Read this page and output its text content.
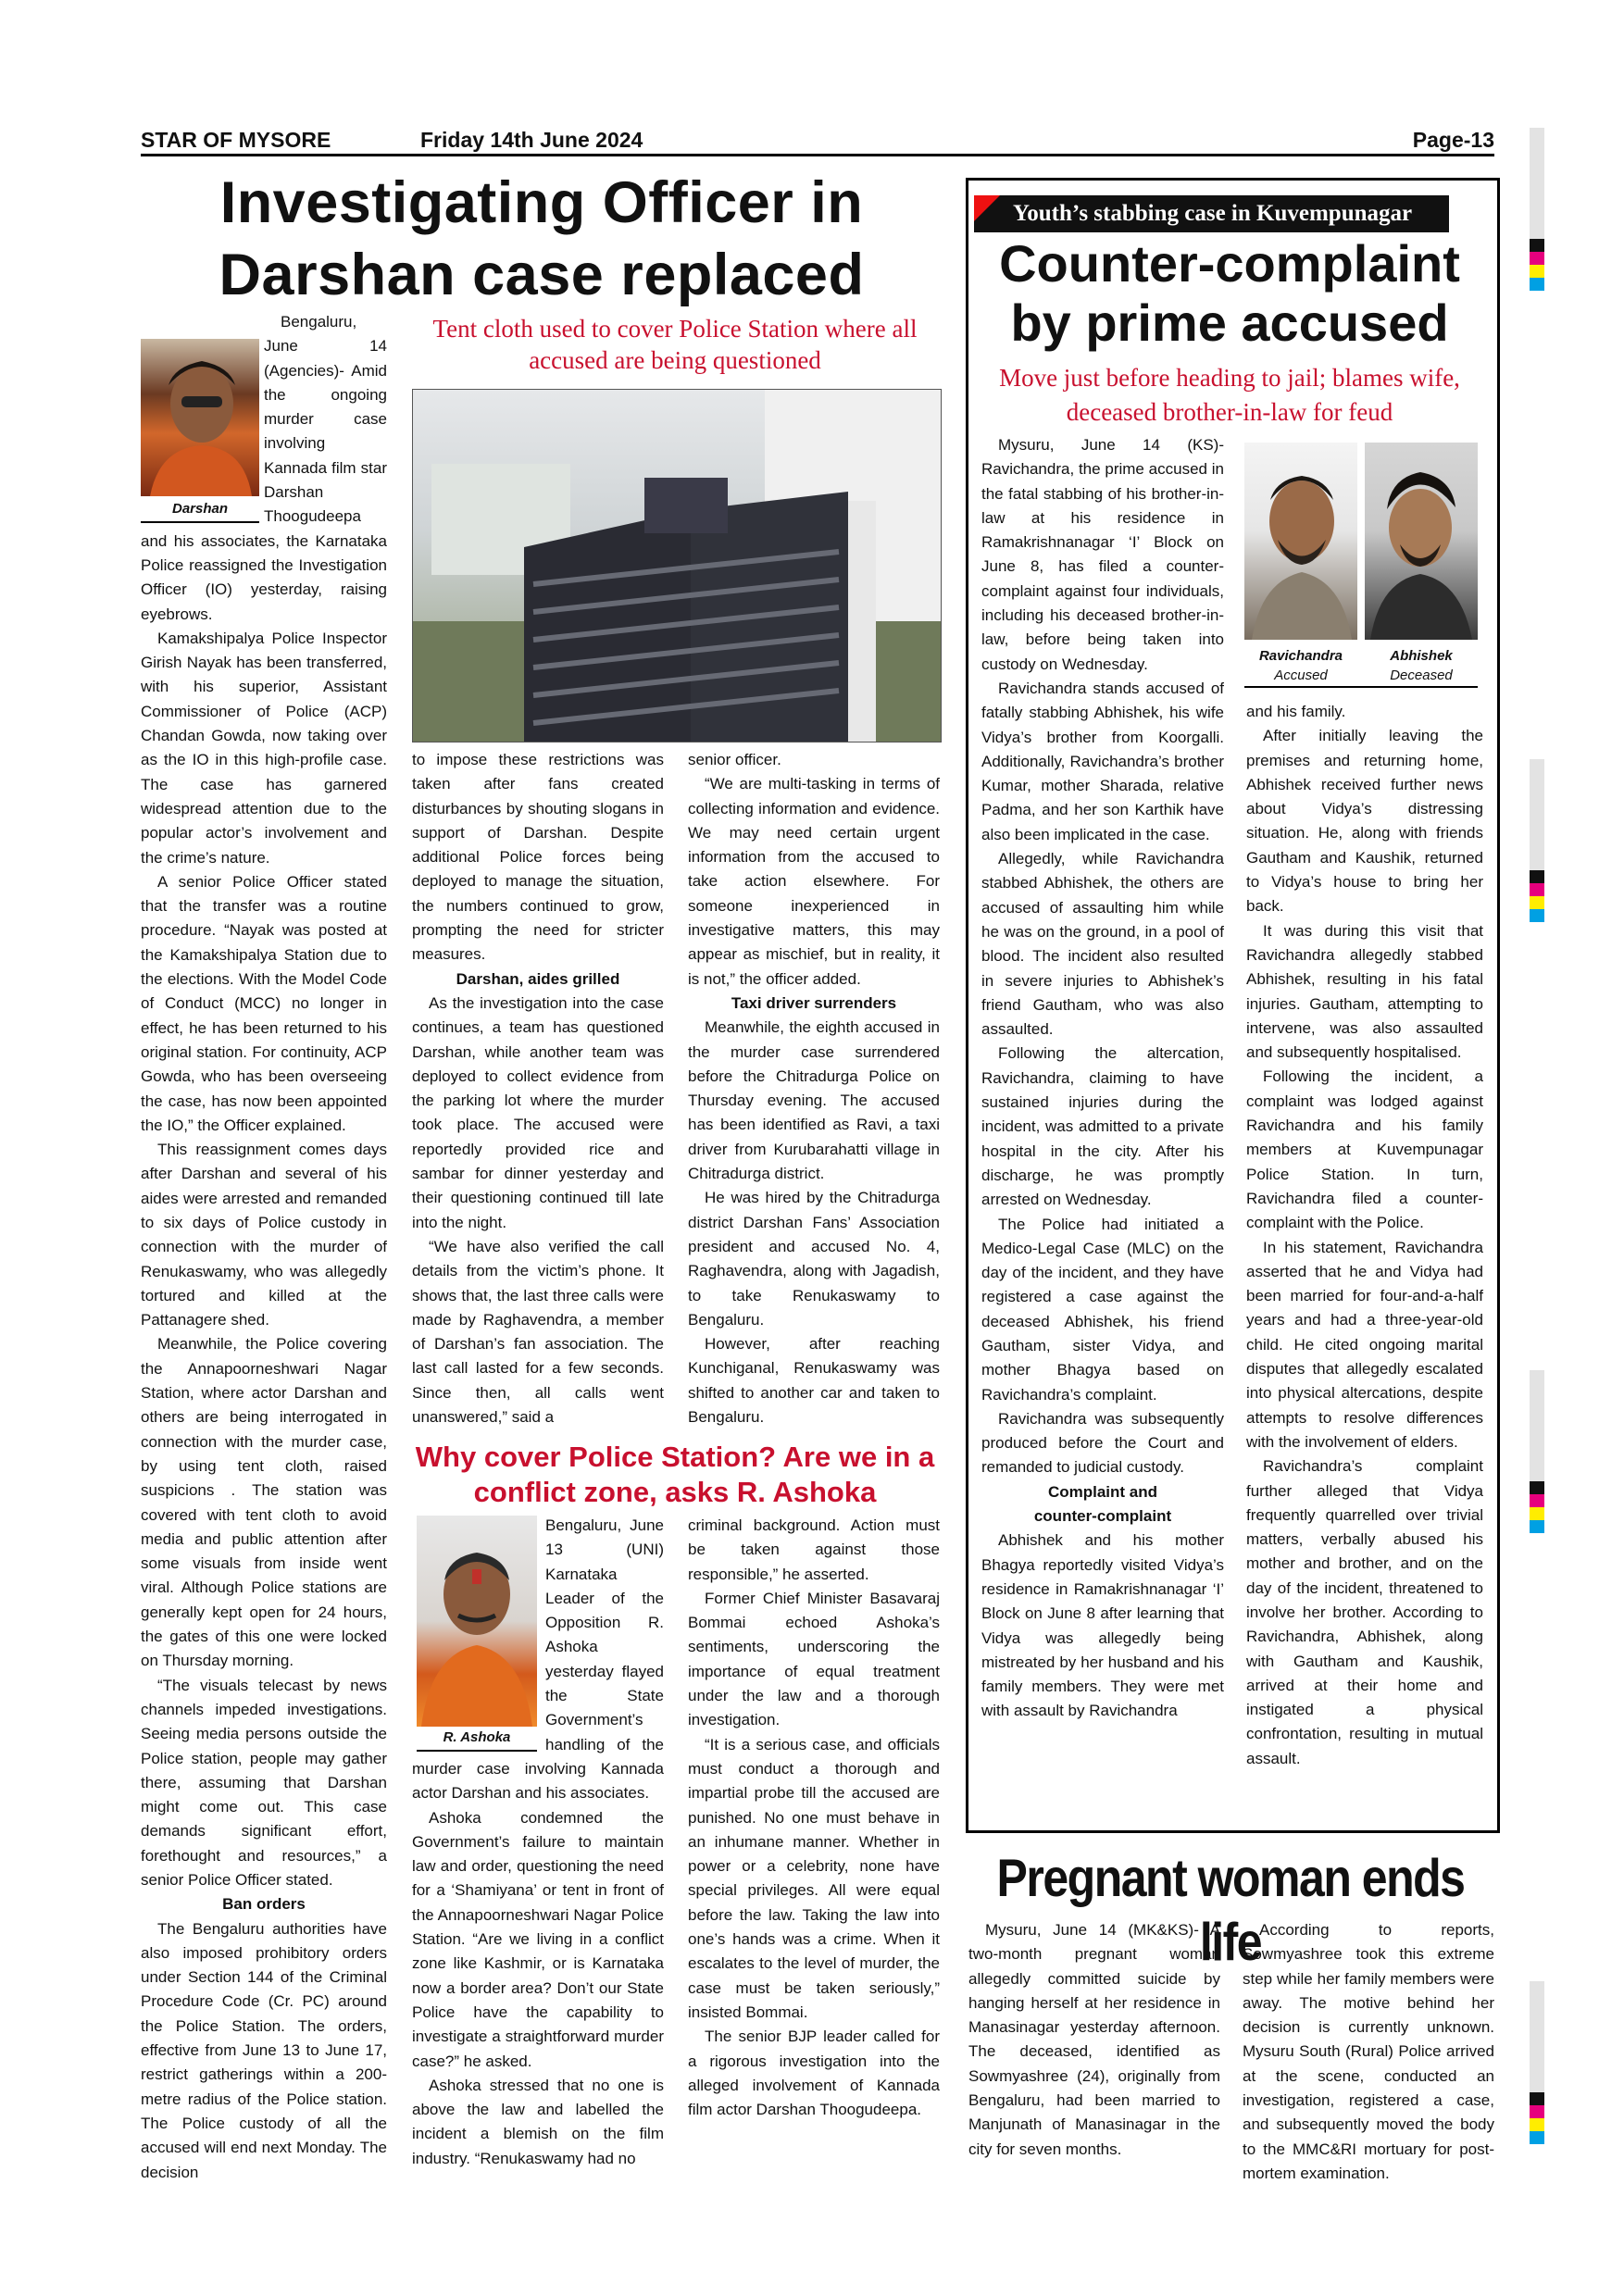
STAR OF MYSORE	Friday 14th June 2024	Page-13
Investigating Officer in
Darshan case replaced
Darshan

Bengaluru, June 14 (Agencies)- Amid the ongoing murder case involving Kannada film star Darshan Thoogudeepa and his associates, the Karnataka Police reassigned the Investigation Officer (IO) yesterday, raising eyebrows.

Kamakshipalya Police Inspector Girish Nayak has been transferred, with his superior, Assistant Commissioner of Police (ACP) Chandan Gowda, now taking over as the IO in this high-profile case. The case has garnered widespread attention due to the popular actor’s involvement and the crime’s nature.

A senior Police Officer stated that the transfer was a routine procedure. “Nayak was posted at the Kamakshipalya Station due to the elections. With the Model Code of Conduct (MCC) no longer in effect, he has been returned to his original station. For continuity, ACP Gowda, who has been overseeing the case, has now been appointed the IO,” the Officer explained.

This reassignment comes days after Darshan and several of his aides were arrested and remanded to six days of Police custody in connection with the murder of Renukaswamy, who was allegedly tortured and killed at the Pattanagere shed.

Meanwhile, the Police covering the Annapoorneshwari Nagar Station, where actor Darshan and others are being interrogated in connection with the murder case, by using tent cloth, raised suspicions . The station was covered with tent cloth to avoid media and public attention after some visuals from inside went viral. Although Police stations are generally kept open for 24 hours, the gates of this one were locked on Thursday morning.

“The visuals telecast by news channels impeded investigations. Seeing media persons outside the Police station, people may gather there, assuming that Darshan might come out. This case demands significant effort, forethought and resources,” a senior Police Officer stated.

Ban orders

The Bengaluru authorities have also imposed prohibitory orders under Section 144 of the Criminal Procedure Code (Cr. PC) around the Police Station. The orders, effective from June 13 to June 17, restrict gatherings within a 200-metre radius of the Police station. The Police custody of all the accused will end next Monday. The decision

Tent cloth used to cover Police Station where all accused are being questioned

to impose these restrictions was taken after fans created disturbances by shouting slogans in support of Darshan. Despite additional Police forces being deployed to manage the situation, the numbers continued to grow, prompting the need for stricter measures.

Darshan, aides grilled

As the investigation into the case continues, a team has questioned Darshan, while another team was deployed to collect evidence from the parking lot where the murder took place. The accused were reportedly provided rice and sambar for dinner yesterday and their questioning continued till late into the night.

“We have also verified the call details from the victim’s phone. It shows that, the last three calls were made by Raghavendra, a member of Darshan’s fan association. The last call lasted for a few seconds. Since then, all calls went unanswered,” said a

senior officer.

“We are multi-tasking in terms of collecting information and evidence. We may need certain urgent information from the accused to take action elsewhere. For someone inexperienced in investigative matters, this may appear as mischief, but in reality, it is not,” the officer added.

Taxi driver surrenders

Meanwhile, the eighth accused in the murder case surrendered before the Chitradurga Police on Thursday evening. The accused has been identified as Ravi, a taxi driver from Kurubarahatti village in Chitradurga district.

He was hired by the Chitradurga district Darshan Fans’ Association president and accused No. 4, Raghavendra, along with Jagadish, to take Renukaswamy to Bengaluru.

However, after reaching Kunchiganal, Renukaswamy was shifted to another car and taken to Bengaluru.

Why cover Police Station? Are we in a conflict zone, asks R. Ashoka
R. Ashoka

Bengaluru, June 13 (UNI) Karnataka Leader of the Opposition R. Ashoka yesterday flayed the State Government’s handling of the murder case involving Kannada actor Darshan and his associates.

Ashoka condemned the Government’s failure to maintain law and order, questioning the need for a ‘Shamiyana’ or tent in front of the Annapoorneshwari Nagar Police Station. “Are we living in a conflict zone like Kashmir, or is Karnataka now a border area? Don’t our State Police have the capability to investigate a straightforward murder case?” he asked.

Ashoka stressed that no one is above the law and labelled the incident a blemish on the film industry. “Renukaswamy had no

criminal background. Action must be taken against those responsible,” he asserted.

Former Chief Minister Basavaraj Bommai echoed Ashoka’s sentiments, underscoring the importance of equal treatment under the law and a thorough investigation.

“It is a serious case, and officials must conduct a thorough and impartial probe till the accused are punished. No one must behave in an inhumane manner. Whether in power or a celebrity, none have special privileges. All were equal before the law. Taking the law into one’s hands was a crime. When it escalates to the level of murder, the case must be taken seriously,” insisted Bommai.

The senior BJP leader called for a rigorous investigation into the alleged involvement of Kannada film actor Darshan Thoogudeepa.

Youth’s stabbing case in Kuvempunagar
Counter-complaint
by prime accused
Move just before heading to jail; blames wife, deceased brother-in-law for feud
Ravichandra
Accused
Abhishek
Deceased

Mysuru, June 14 (KS)- Ravichandra, the prime accused in the fatal stabbing of his brother-in-law at his residence in Ramakrishnanagar ‘I’ Block on June 8, has filed a counter-complaint against four individuals, including his deceased brother-in-law, before being taken into custody on Wednesday.

Ravichandra stands accused of fatally stabbing Abhishek, his wife Vidya’s brother from Koorgalli. Additionally, Ravichandra’s brother Kumar, mother Sharada, relative Padma, and her son Karthik have also been implicated in the case.

Allegedly, while Ravichandra stabbed Abhishek, the others are accused of assaulting him while he was on the ground, in a pool of blood. The incident also resulted in severe injuries to Abhishek’s friend Gautham, who was also assaulted.

Following the altercation, Ravichandra, claiming to have sustained injuries during the incident, was admitted to a private hospital in the city. After his discharge, he was promptly arrested on Wednesday.

The Police had initiated a Medico-Legal Case (MLC) on the day of the incident, and they have registered a case against the deceased Abhishek, his friend Gautham, sister Vidya, and mother Bhagya based on Ravichandra’s complaint.

Ravichandra was subsequently produced before the Court and remanded to judicial custody.

Complaint and counter-complaint

Abhishek and his mother Bhagya reportedly visited Vidya’s residence in Ramakrishnanagar ‘I’ Block on June 8 after learning that Vidya was allegedly being mistreated by her husband and his family members. They were met with assault by Ravichandra

and his family.

After initially leaving the premises and returning home, Abhishek received further news about Vidya’s distressing situation. He, along with friends Gautham and Kaushik, returned to Vidya’s house to bring her back.

It was during this visit that Ravichandra allegedly stabbed Abhishek, resulting in his fatal injuries. Gautham, attempting to intervene, was also assaulted and subsequently hospitalised.

Following the incident, a complaint was lodged against Ravichandra and his family members at Kuvempunagar Police Station. In turn, Ravichandra filed a counter-complaint with the Police.

In his statement, Ravichandra asserted that he and Vidya had been married for four-and-a-half years and had a three-year-old child. He cited ongoing marital disputes that allegedly escalated into physical altercations, despite attempts to resolve differences with the involvement of elders.

Ravichandra’s complaint further alleged that Vidya frequently quarrelled over trivial matters, verbally abused his mother and brother, and on the day of the incident, threatened to involve her brother. According to Ravichandra, Abhishek, along with Gautham and Kaushik, arrived at their home and instigated a physical confrontation, resulting in mutual assault.

Pregnant woman ends life

Mysuru, June 14 (MK&KS)- A two-month pregnant woman allegedly committed suicide by hanging herself at her residence in Manasinagar yesterday afternoon. The deceased, identified as Sowmyashree (24), originally from Bengaluru, had been married to Manjunath of Manasinagar in the city for seven months.

According to reports, Sowmyashree took this extreme step while her family members were away. The motive behind her decision is currently unknown. Mysuru South (Rural) Police arrived at the scene, conducted an investigation, registered a case, and subsequently moved the body to the MMC&RI mortuary for post-mortem examination.
